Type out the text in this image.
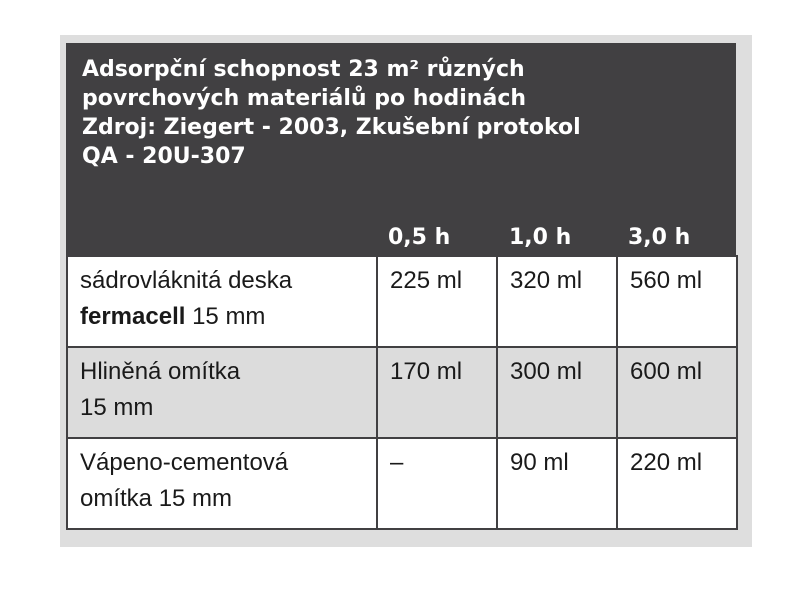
Adsorpční schopnost 23 m² různých
povrchových materiálů po hodinách
Zdroj: Ziegert - 2003, Zkušební protokol
QA - 20U-307
0,5 h	1,0 h	3,0 h
sádrovláknitá deska
fermacell 15 mm	225 ml	320 ml	560 ml
Hliněná omítka
15 mm	170 ml	300 ml	600 ml
Vápeno-cementová
omítka 15 mm	–	90 ml	220 ml
